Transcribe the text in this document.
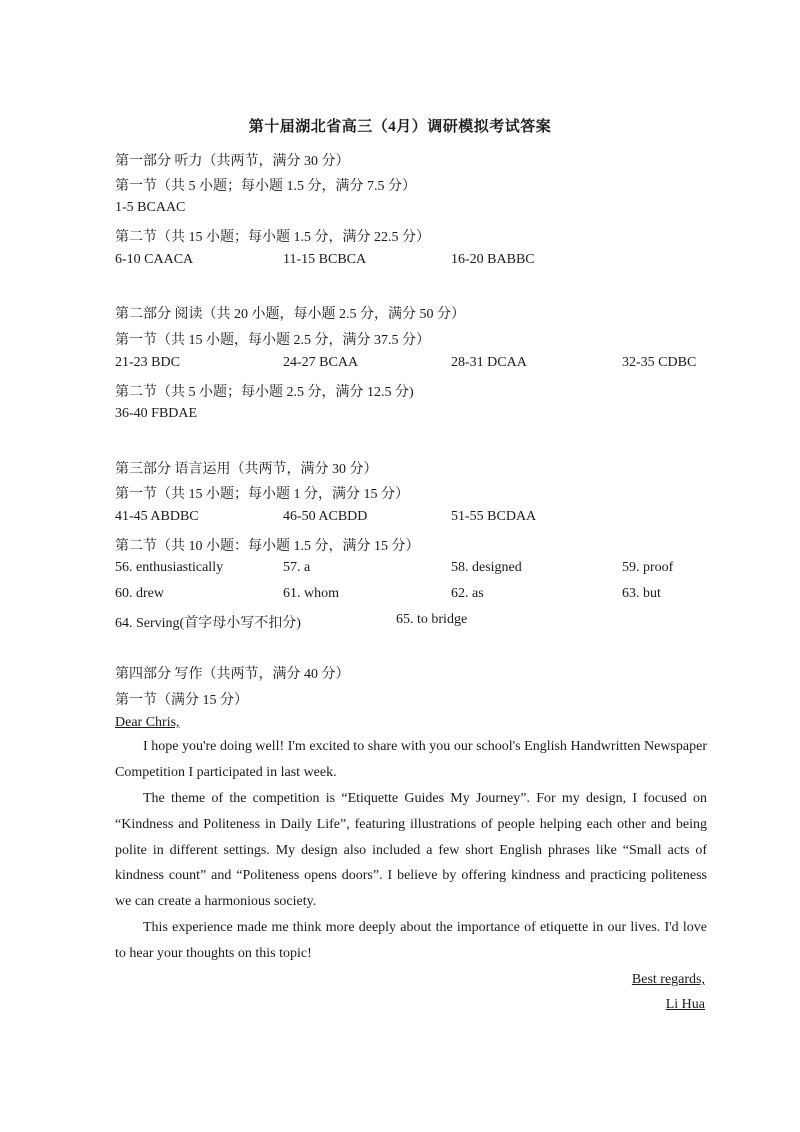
第十届湖北省高三（4月）调研模拟考试答案
第一部分 听力（共两节，满分 30 分）
第一节（共 5 小题；每小题 1.5 分，满分 7.5 分）
1-5 BCAAC
第二节（共 15 小题；每小题 1.5 分，满分 22.5 分）
6-10 CAACA	11-15 BCBCA	16-20 BABBC
第二部分 阅读（共 20 小题，每小题 2.5 分，满分 50 分）
第一节（共 15 小题，每小题 2.5 分，满分 37.5 分）
21-23 BDC	24-27 BCAA	28-31 DCAA	32-35 CDBC
第二节（共 5 小题；每小题 2.5 分，满分 12.5 分)
36-40 FBDAE
第三部分 语言运用（共两节，满分 30 分）
第一节（共 15 小题；每小题 1 分，满分 15 分）
41-45 ABDBC	46-50 ACBDD	51-55 BCDAA
第二节（共 10 小题：每小题 1.5 分，满分 15 分）
56. enthusiastically	57. a	58. designed	59. proof
60. drew	61. whom	62. as	63. but
64. Serving(首字母小写不扣分)	65. to bridge
第四部分 写作（共两节，满分 40 分）
第一节（满分 15 分）
Dear Chris,
I hope you're doing well! I'm excited to share with you our school's English Handwritten Newspaper Competition I participated in last week.
The theme of the competition is “Etiquette Guides My Journey”. For my design, I focused on “Kindness and Politeness in Daily Life”, featuring illustrations of people helping each other and being polite in different settings. My design also included a few short English phrases like “Small acts of kindness count” and “Politeness opens doors”. I believe by offering kindness and practicing politeness we can create a harmonious society.
This experience made me think more deeply about the importance of etiquette in our lives. I'd love to hear your thoughts on this topic!
Best regards,
Li Hua
